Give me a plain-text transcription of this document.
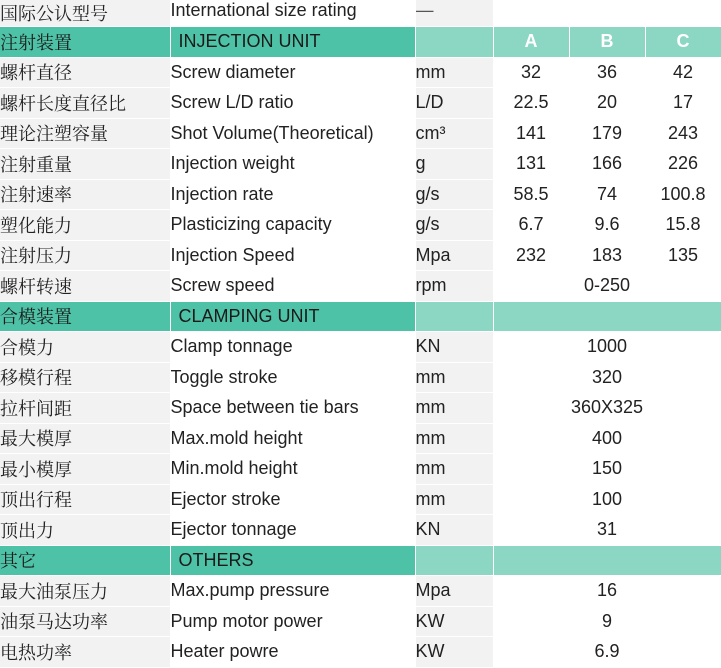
国际公认型号	International size rating	—			
注射装置	INJECTION UNIT		A	B	C
螺杆直径	Screw diameter	mm	32	36	42
螺杆长度直径比	Screw L/D ratio	L/D	22.5	20	17
理论注塑容量	Shot Volume(Theoretical)	cm³	141	179	243
注射重量	Injection weight	g	131	166	226
注射速率	Injection rate	g/s	58.5	74	100.8
塑化能力	Plasticizing capacity	g/s	6.7	9.6	15.8
注射压力	Injection Speed	Mpa	232	183	135
螺杆转速	Screw speed	rpm	0-250		
合模装置	CLAMPING UNIT				
合模力	Clamp tonnage	KN	1000		
移模行程	Toggle stroke	mm	320		
拉杆间距	Space between tie bars	mm	360X325		
最大模厚	Max.mold height	mm	400		
最小模厚	Min.mold height	mm	150		
顶出行程	Ejector stroke	mm	100		
顶出力	Ejector tonnage	KN	31		
其它	OTHERS				
最大油泵压力	Max.pump pressure	Mpa	16		
油泵马达功率	Pump motor power	KW	9		
电热功率	Heater powre	KW	6.9		
